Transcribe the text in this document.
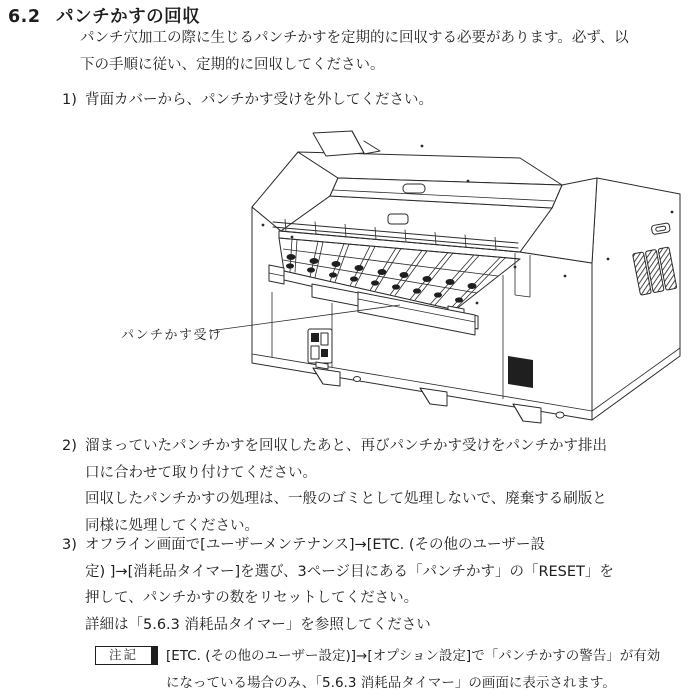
6.2 パンチかすの回収
パンチ穴加工の際に生じるパンチかすを定期的に回収する必要があります。必ず、以
下の手順に従い、定期的に回収してください。
1) 背面カバーから、パンチかす受けを外してください。
パンチかす受け
2) 溜まっていたパンチかすを回収したあと、再びパンチかす受けをパンチかす排出
口に合わせて取り付けてください。
回収したパンチかすの処理は、一般のゴミとして処理しないで、廃棄する刷版と
同様に処理してください。
3) オフライン画面で[ユーザーメンテナンス]→[ETC. (その他のユーザー設
定) ]→[消耗品タイマー]を選び、3ページ目にある「パンチかす」の「RESET」を
押して、パンチかすの数をリセットしてください。
詳細は「5.6.3 消耗品タイマー」を参照してください
注記	[ETC. (その他のユーザー設定)]→[オプション設定]で「パンチかすの警告」が有効
になっている場合のみ、「5.6.3 消耗品タイマー」の画面に表示されます。
